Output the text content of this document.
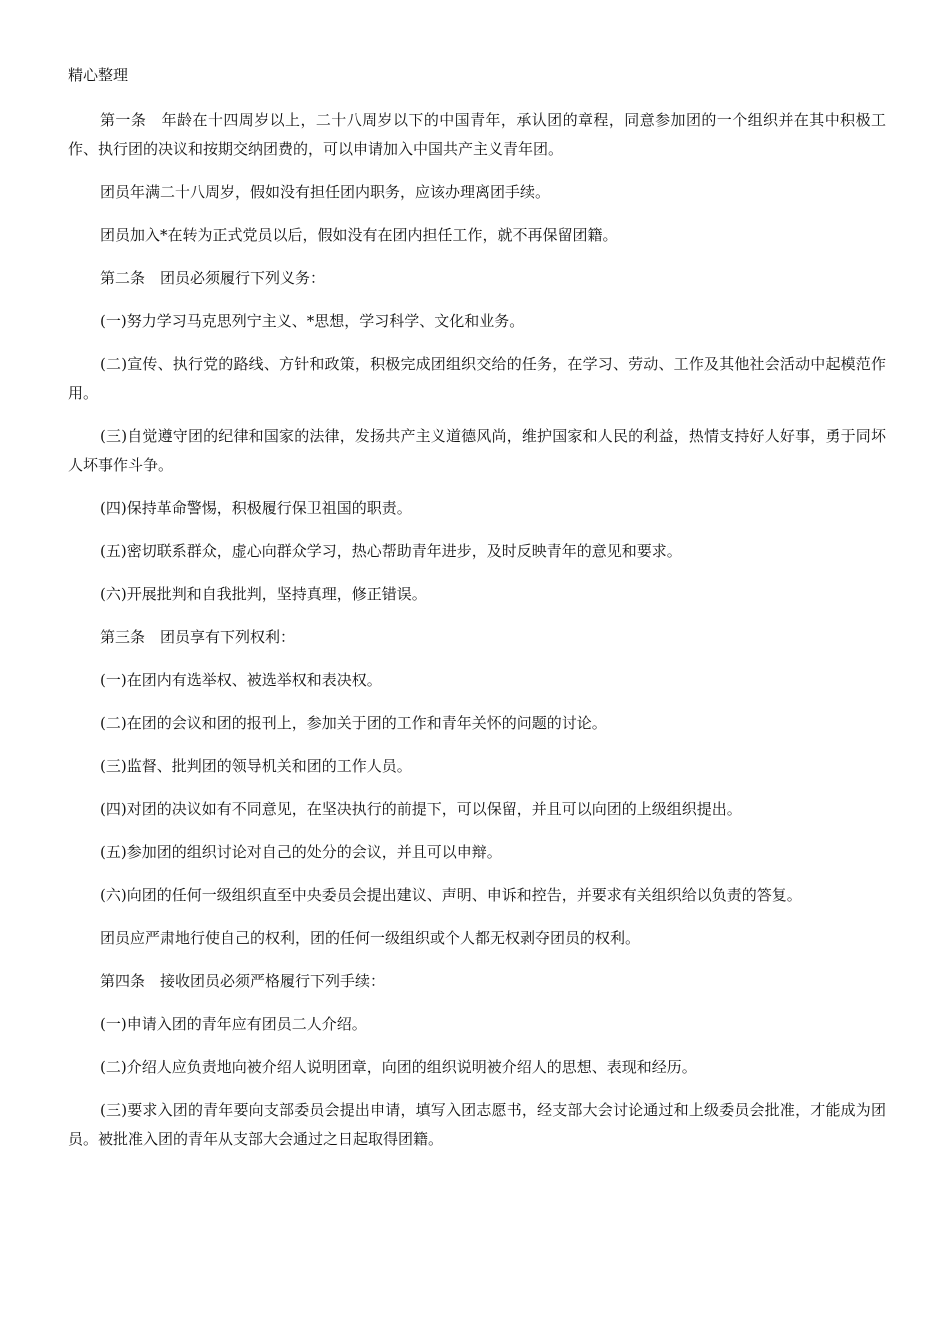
精心整理

第一条　年龄在十四周岁以上，二十八周岁以下的中国青年，承认团的章程，同意参加团的一个组织并在其中积极工作、执行团的决议和按期交纳团费的，可以申请加入中国共产主义青年团。

团员年满二十八周岁，假如没有担任团内职务，应该办理离团手续。

团员加入*在转为正式党员以后，假如没有在团内担任工作，就不再保留团籍。

第二条　团员必须履行下列义务：

(一)努力学习马克思列宁主义、*思想，学习科学、文化和业务。

(二)宣传、执行党的路线、方针和政策，积极完成团组织交给的任务，在学习、劳动、工作及其他社会活动中起模范作用。

(三)自觉遵守团的纪律和国家的法律，发扬共产主义道德风尚，维护国家和人民的利益，热情支持好人好事，勇于同坏人坏事作斗争。

(四)保持革命警惕，积极履行保卫祖国的职责。

(五)密切联系群众，虚心向群众学习，热心帮助青年进步，及时反映青年的意见和要求。

(六)开展批判和自我批判，坚持真理，修正错误。

第三条　团员享有下列权利：

(一)在团内有选举权、被选举权和表决权。

(二)在团的会议和团的报刊上，参加关于团的工作和青年关怀的问题的讨论。

(三)监督、批判团的领导机关和团的工作人员。

(四)对团的决议如有不同意见，在坚决执行的前提下，可以保留，并且可以向团的上级组织提出。

(五)参加团的组织讨论对自己的处分的会议，并且可以申辩。

(六)向团的任何一级组织直至中央委员会提出建议、声明、申诉和控告，并要求有关组织给以负责的答复。

团员应严肃地行使自己的权利，团的任何一级组织或个人都无权剥夺团员的权利。

第四条　接收团员必须严格履行下列手续：

(一)申请入团的青年应有团员二人介绍。

(二)介绍人应负责地向被介绍人说明团章，向团的组织说明被介绍人的思想、表现和经历。

(三)要求入团的青年要向支部委员会提出申请，填写入团志愿书，经支部大会讨论通过和上级委员会批准，才能成为团员。被批准入团的青年从支部大会通过之日起取得团籍。
